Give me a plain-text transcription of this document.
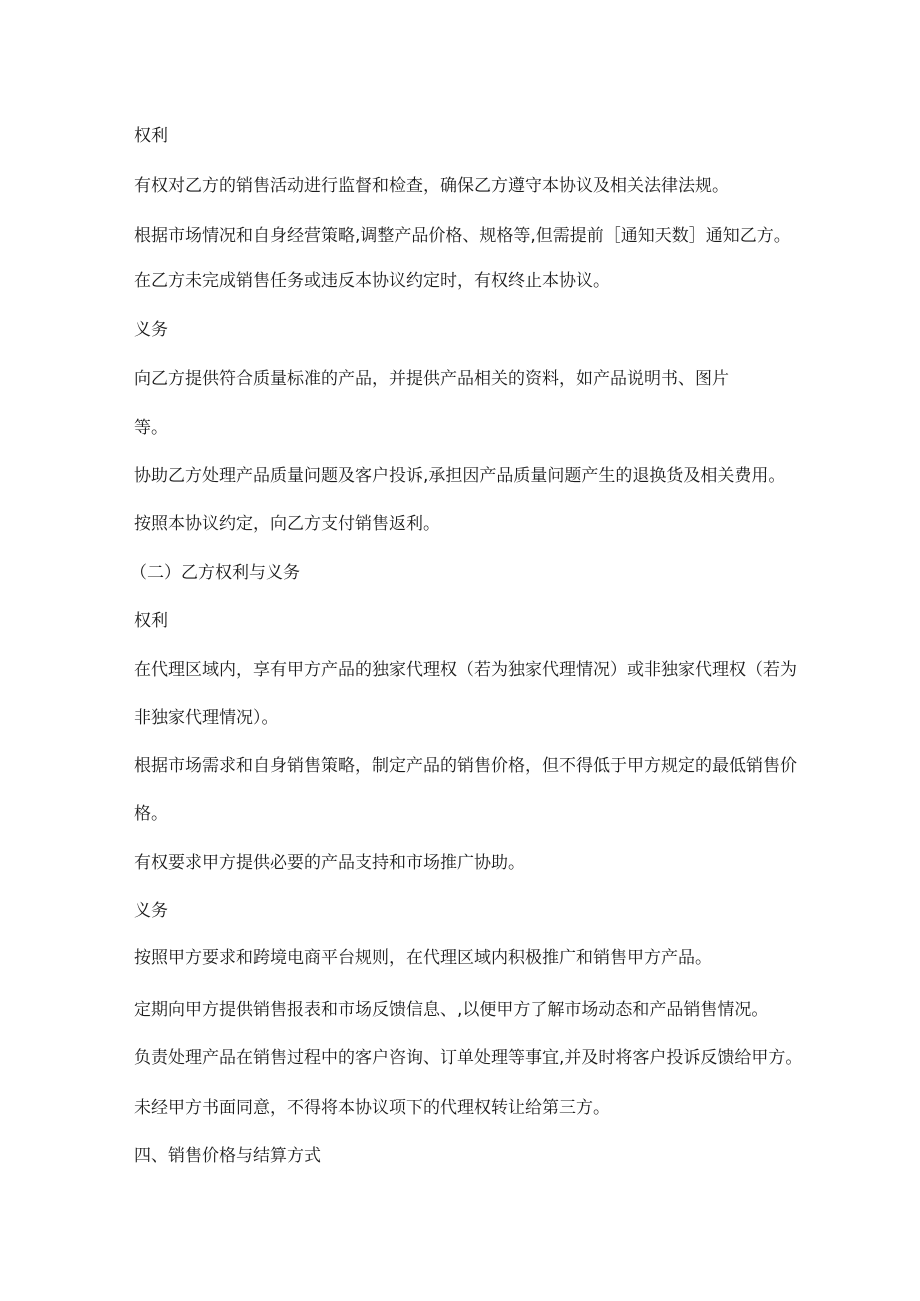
权利
有权对乙方的销售活动进行监督和检查，确保乙方遵守本协议及相关法律法规。
根据市场情况和自身经营策略,调整产品价格、规格等,但需提前［通知天数］通知乙方。
在乙方未完成销售任务或违反本协议约定时，有权终止本协议。
义务
向乙方提供符合质量标准的产品，并提供产品相关的资料，如产品说明书、图片
等。
协助乙方处理产品质量问题及客户投诉,承担因产品质量问题产生的退换货及相关费用。
按照本协议约定，向乙方支付销售返利。
（二）乙方权利与义务
权利
在代理区域内，享有甲方产品的独家代理权（若为独家代理情况）或非独家代理权（若为
非独家代理情况）。
根据市场需求和自身销售策略，制定产品的销售价格，但不得低于甲方规定的最低销售价
格。
有权要求甲方提供必要的产品支持和市场推广协助。
义务
按照甲方要求和跨境电商平台规则，在代理区域内积极推广和销售甲方产品。
定期向甲方提供销售报表和市场反馈信息、,以便甲方了解市场动态和产品销售情况。
负责处理产品在销售过程中的客户咨询、订单处理等事宜,并及时将客户投诉反馈给甲方。
未经甲方书面同意，不得将本协议项下的代理权转让给第三方。
四、销售价格与结算方式
